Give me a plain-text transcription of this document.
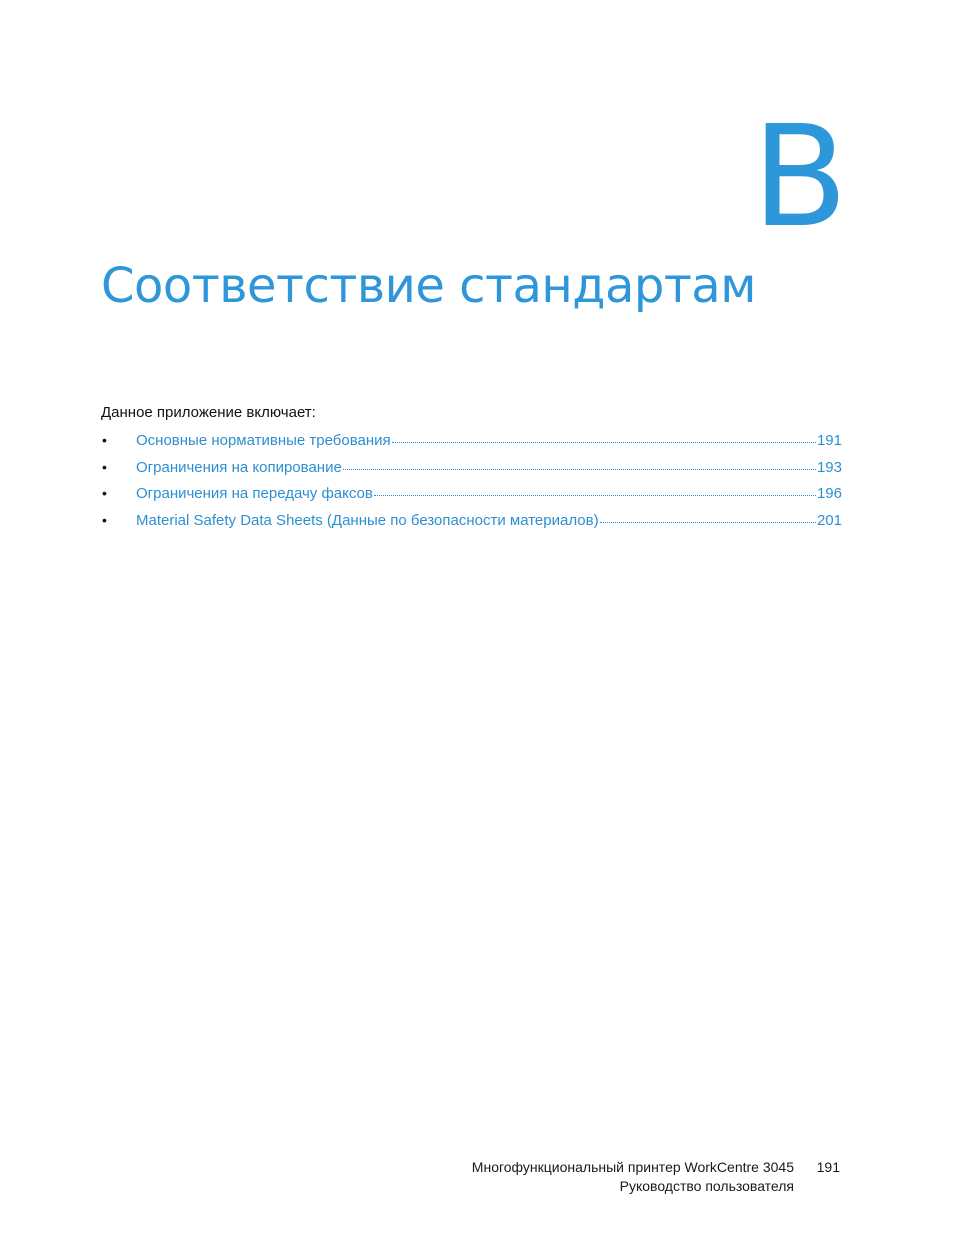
B
Соответствие стандартам
Данное приложение включает:
•	Основные нормативные требования	191
•	Ограничения на копирование	193
•	Ограничения на передачу факсов	196
•	Material Safety Data Sheets (Данные по безопасности материалов)	201
Многофункциональный принтер WorkCentre 3045
Руководство пользователя
191
